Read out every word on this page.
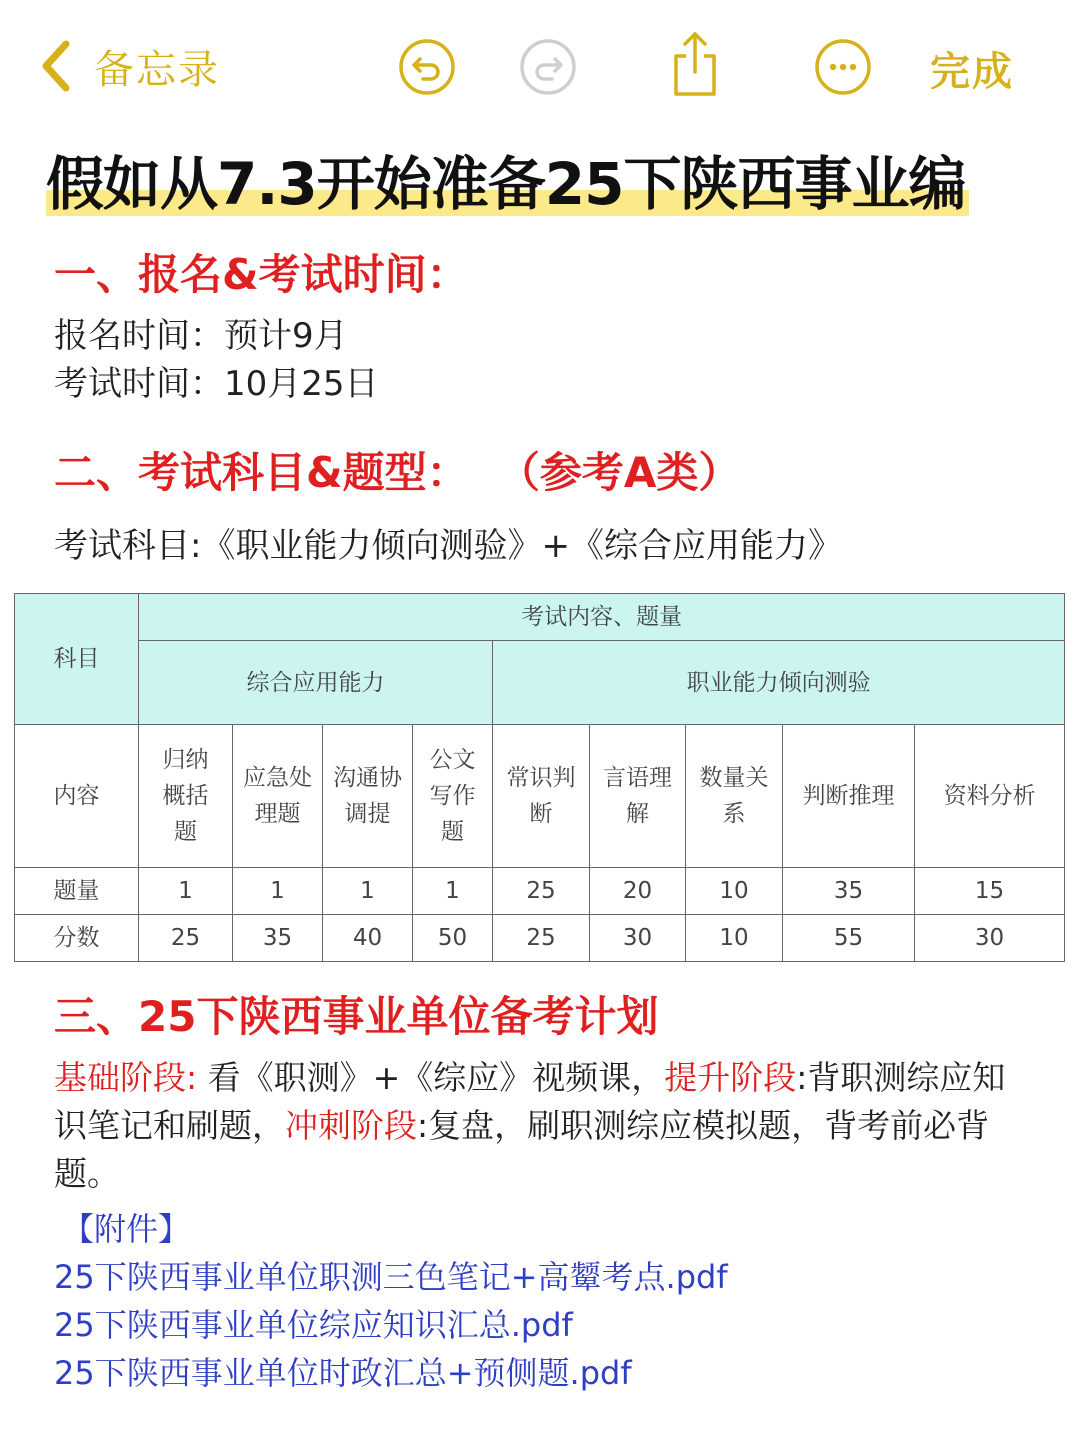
备忘录	完成
假如从7.3开始准备25下陕西事业编
一、报名&考试时间：
报名时间：预计9月
考试时间：10月25日
二、考试科目&题型：  （参考A类）
考试科目:《职业能力倾向测验》+《综合应用能力》
科目	考试内容、题量								
	综合应用能力				职业能力倾向测验				
内容	归纳概括题	应急处理题	沟通协调提	公文写作题	常识判断	言语理解	数量关系	判断推理	资料分析
题量	1	1	1	1	25	20	10	35	15
分数	25	35	40	50	25	30	10	55	30
三、25下陕西事业单位备考计划
基础阶段: 看《职测》+《综应》视频课，提升阶段:背职测综应知识笔记和刷题，冲刺阶段:复盘，刷职测综应模拟题，背考前必背题。
【附件】
25下陕西事业单位职测三色笔记+高颦考点.pdf
25下陕西事业单位综应知识汇总.pdf
25下陕西事业单位时政汇总+预侧题.pdf
